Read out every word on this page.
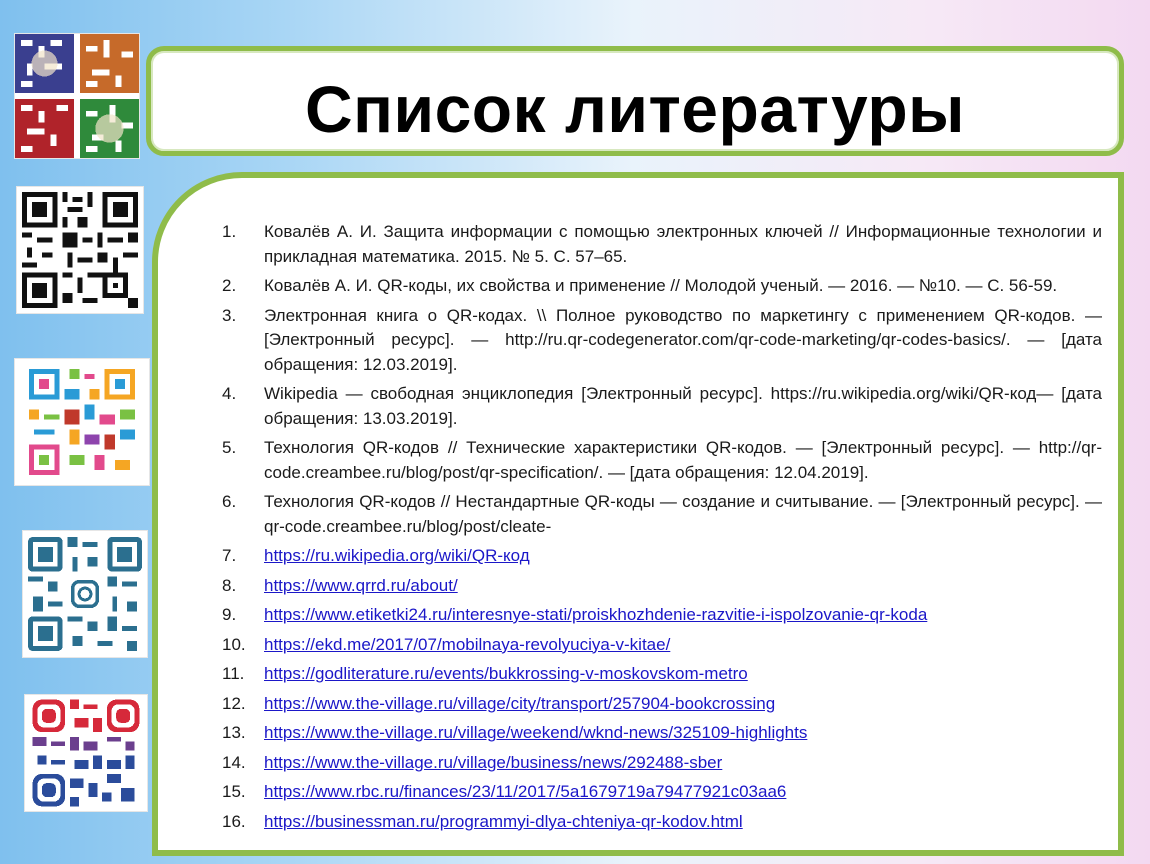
Список литературы
1.	Ковалёв А. И. Защита информации с помощью электронных ключей // Информационные технологии и прикладная математика. 2015. № 5. С. 57–65.
2.	Ковалёв А. И. QR-коды, их свойства и применение // Молодой ученый. — 2016. — №10. — С. 56-59.
3.	Электронная книга о QR-кодах. \\ Полное руководство по маркетингу с применением QR-кодов. — [Электронный ресурс]. — http://ru.qr-codegenerator.com/qr-code-marketing/qr-codes-basics/. — [дата обращения: 12.03.2019].
4.	Wikipedia — свободная энциклопедия [Электронный ресурс]. https://ru.wikipedia.org/wiki/QR-код— [дата обращения: 13.03.2019].
5.	Технология QR-кодов // Технические характеристики QR-кодов. — [Электронный ресурс]. — http://qr-code.creambee.ru/blog/post/qr-specification/. — [дата обращения: 12.04.2019].
6.	Технология QR-кодов // Нестандартные QR-коды — создание и считывание. — [Электронный ресурс]. — qr-code.creambee.ru/blog/post/cleate-
7.	https://ru.wikipedia.org/wiki/QR-код
8.	https://www.qrrd.ru/about/
9.	https://www.etiketki24.ru/interesnye-stati/proiskhozhdenie-razvitie-i-ispolzovanie-qr-koda
10.	https://ekd.me/2017/07/mobilnaya-revolyuciya-v-kitae/
11.	https://godliterature.ru/events/bukkrossing-v-moskovskom-metro
12.	https://www.the-village.ru/village/city/transport/257904-bookcrossing
13.	https://www.the-village.ru/village/weekend/wknd-news/325109-highlights
14.	https://www.the-village.ru/village/business/news/292488-sber
15.	https://www.rbc.ru/finances/23/11/2017/5a1679719a79477921c03aa6
16.	https://businessman.ru/programmyi-dlya-chteniya-qr-kodov.html
